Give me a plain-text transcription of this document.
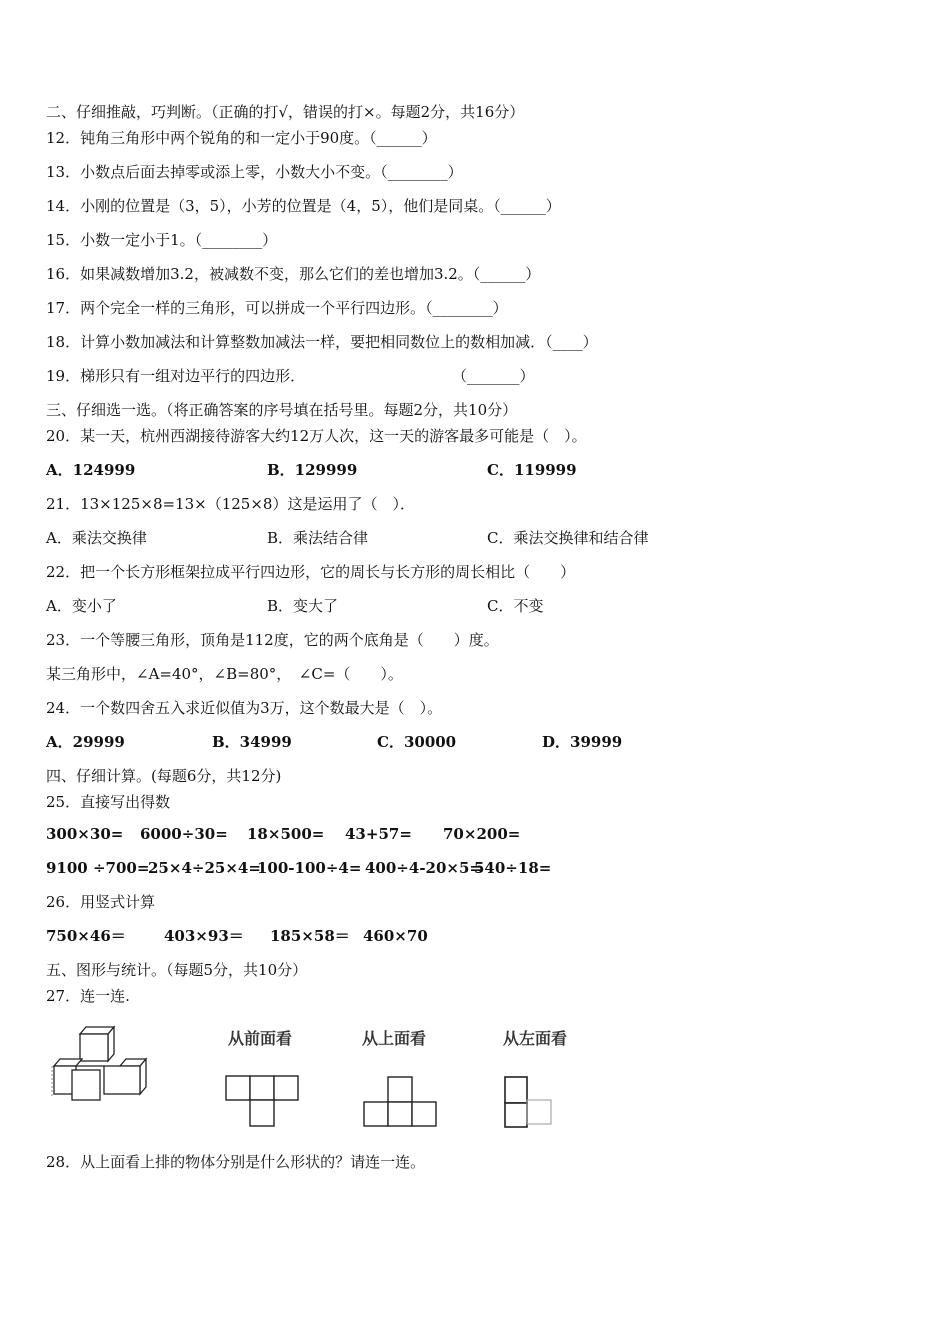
二、仔细推敲，巧判断。（正确的打√，错误的打×。每题2分，共16分）
12．钝角三角形中两个锐角的和一定小于90度。（______）
13．小数点后面去掉零或添上零，小数大小不变。（________）
14．小刚的位置是（3，5），小芳的位置是（4，5），他们是同桌。（______）
15．小数一定小于1。（________）
16．如果减数增加3.2，被减数不变，那么它们的差也增加3.2。（______）
17．两个完全一样的三角形，可以拼成一个平行四边形。（________）
18．计算小数加减法和计算整数加减法一样，要把相同数位上的数相加减．（____）
19．梯形只有一组对边平行的四边形．	（_______）
三、仔细选一选。（将正确答案的序号填在括号里。每题2分，共10分）
20．某一天，杭州西湖接待游客大约12万人次，这一天的游客最多可能是（　）。
A．124999	B．129999	C．119999
21．13×125×8=13×（125×8）这是运用了（　）．
A．乘法交换律	B．乘法结合律	C．乘法交换律和结合律
22．把一个长方形框架拉成平行四边形，它的周长与长方形的周长相比（　　）
A．变小了	B．变大了	C．不变
23．一个等腰三角形，顶角是112度，它的两个底角是（　　）度。
某三角形中，∠A=40°，∠B=80°，　∠C=（　　）。
24．一个数四舍五入求近似值为3万，这个数最大是（　）。
A．29999	B．34999	C．30000	D．39999
四、仔细计算。(每题6分，共12分)
25．直接写出得数
300×30= 6000÷30= 18×500= 43+57= 70×200=
9100 ÷700=
25×4÷25×4=
100-100÷4= 400÷4-20×5=
540÷18=
26．用竖式计算
750×46＝	403×93＝ 185×58＝ 460×70
五、图形与统计。（每题5分，共10分）
27．连一连.
从前面看	从上面看	从左面看
28．从上面看上排的物体分别是什么形状的？请连一连。
